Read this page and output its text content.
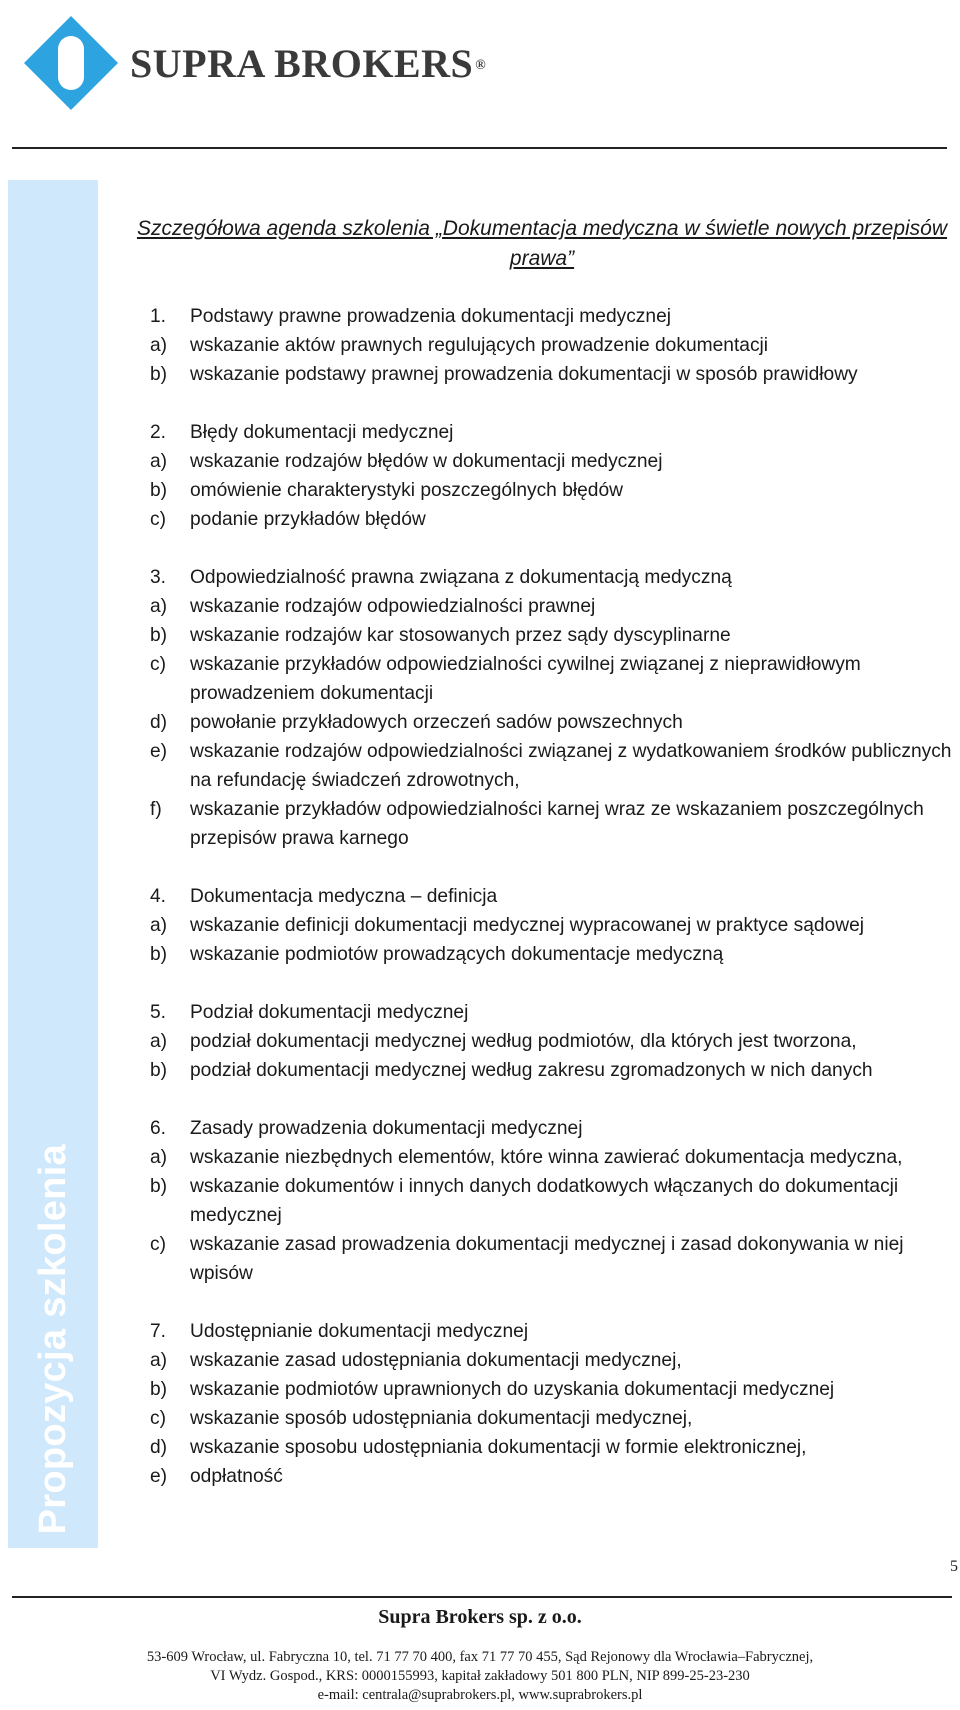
SUPRA BROKERS ®
Propozycja szkolenia

Szczegółowa agenda szkolenia „Dokumentacja medyczna w świetle nowych przepisów prawa”

1.	Podstawy prawne prowadzenia dokumentacji medycznej
a)	wskazanie aktów prawnych regulujących prowadzenie dokumentacji
b)	wskazanie podstawy prawnej prowadzenia dokumentacji w sposób prawidłowy
2.	Błędy dokumentacji medycznej
a)	wskazanie rodzajów błędów w dokumentacji medycznej
b)	omówienie charakterystyki poszczególnych błędów
c)	podanie przykładów błędów
3.	Odpowiedzialność prawna związana z dokumentacją medyczną
a)	wskazanie rodzajów odpowiedzialności prawnej
b)	wskazanie rodzajów kar stosowanych przez sądy dyscyplinarne
c)	wskazanie przykładów odpowiedzialności cywilnej związanej z nieprawidłowym prowadzeniem dokumentacji
d)	powołanie przykładowych orzeczeń sadów powszechnych
e)	wskazanie rodzajów odpowiedzialności związanej z wydatkowaniem środków publicznych na refundację świadczeń zdrowotnych,
f)	wskazanie przykładów odpowiedzialności karnej wraz ze wskazaniem poszczególnych przepisów prawa karnego
4.	Dokumentacja medyczna – definicja
a)	wskazanie definicji dokumentacji medycznej wypracowanej w praktyce sądowej
b)	wskazanie podmiotów prowadzących dokumentacje medyczną
5.	Podział dokumentacji medycznej
a)	podział dokumentacji medycznej według podmiotów, dla których jest tworzona,
b)	podział dokumentacji medycznej według zakresu zgromadzonych w nich danych
6.	Zasady prowadzenia dokumentacji medycznej
a)	wskazanie niezbędnych elementów, które winna zawierać dokumentacja medyczna,
b)	wskazanie dokumentów i innych danych dodatkowych włączanych do dokumentacji medycznej
c)	wskazanie zasad prowadzenia dokumentacji medycznej i zasad dokonywania w niej wpisów
7.	Udostępnianie dokumentacji medycznej
a)	wskazanie zasad udostępniania dokumentacji medycznej,
b)	wskazanie podmiotów uprawnionych do uzyskania dokumentacji medycznej
c)	wskazanie sposób udostępniania dokumentacji medycznej,
d)	wskazanie sposobu udostępniania dokumentacji w formie elektronicznej,
e)	odpłatność
5

Supra Brokers sp. z o.o.

53-609 Wrocław, ul. Fabryczna 10, tel. 71 77 70 400, fax 71 77 70 455, Sąd Rejonowy dla Wrocławia–Fabrycznej,
VI Wydz. Gospod., KRS: 0000155993, kapitał zakładowy 501 800 PLN, NIP 899-25-23-230
e-mail: centrala@suprabrokers.pl, www.suprabrokers.pl
